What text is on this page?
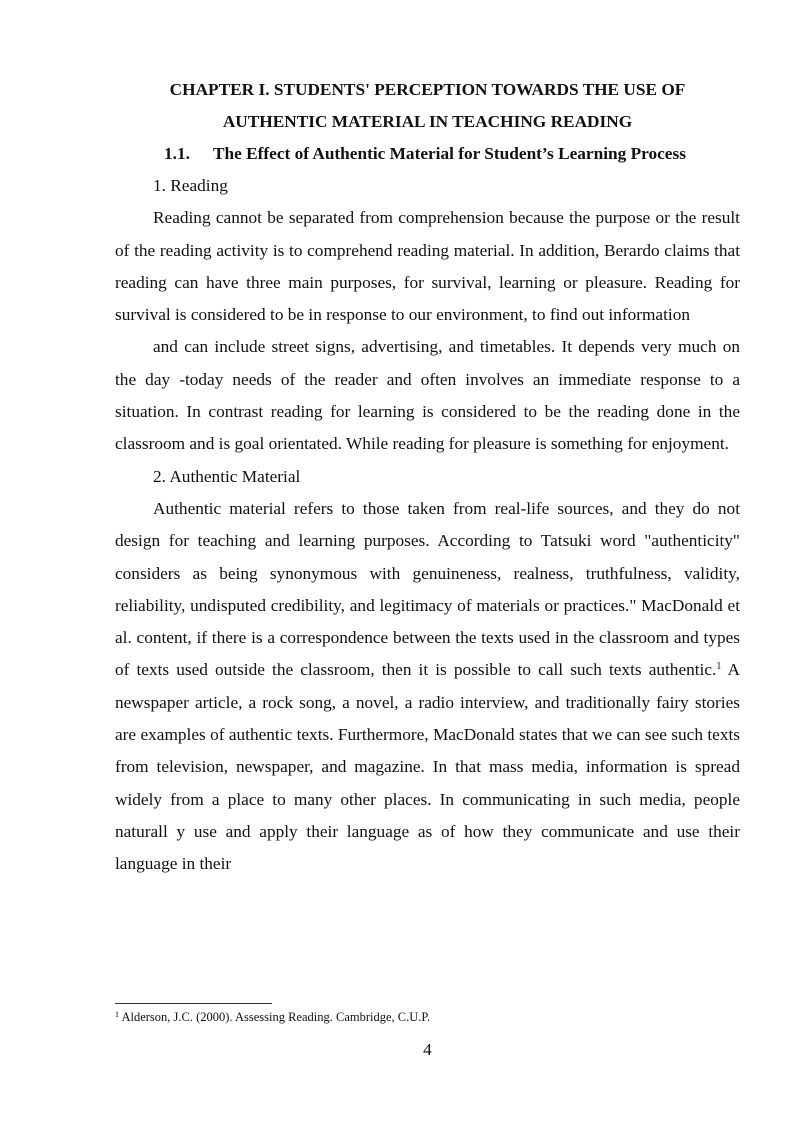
CHAPTER I. STUDENTS' PERCEPTION TOWARDS THE USE OF
AUTHENTIC MATERIAL IN TEACHING READING
1.1. The Effect of Authentic Material for Student’s Learning Process

1. Reading

Reading cannot be separated from comprehension because the purpose or the result of the reading activity is to comprehend reading material. In addition, Berardo claims that reading can have three main purposes, for survival, learning or pleasure. Reading for survival is considered to be in response to our environment, to find out information

and can include street signs, advertising, and timetables. It depends very much on the day -today needs of the reader and often involves an immediate response to a situation. In contrast reading for learning is considered to be the reading done in the classroom and is goal orientated. While reading for pleasure is something for enjoyment.

2. Authentic Material

Authentic material refers to those taken from real-life sources, and they do not design for teaching and learning purposes. According to Tatsuki word "authenticity" considers as being synonymous with genuineness, realness, truthfulness, validity, reliability, undisputed credibility, and legitimacy of materials or practices." MacDonald et al. content, if there is a correspondence between the texts used in the classroom and types of texts used outside the classroom, then it is possible to call such texts authentic.$^1$ A newspaper article, a rock song, a novel, a radio interview, and traditionally fairy stories are examples of authentic texts. Furthermore, MacDonald states that we can see such texts from television, newspaper, and magazine. In that mass media, information is spread widely from a place to many other places. In communicating in such media, people naturall y use and apply their language as of how they communicate and use their language in their

$^1$ Alderson, J.C. (2000). Assessing Reading. Cambridge, C.U.P.
4
